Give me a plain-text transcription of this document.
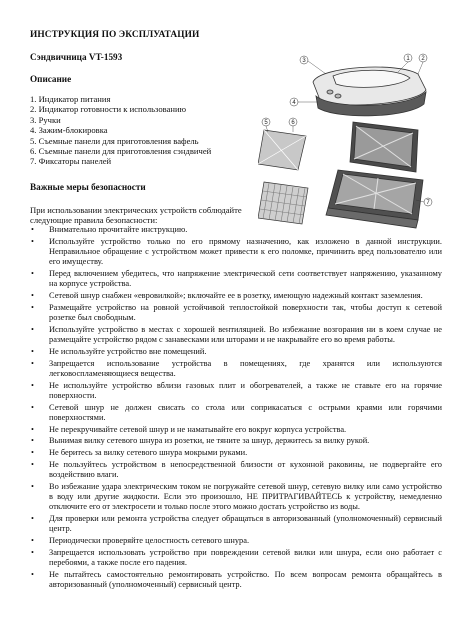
ИНСТРУКЦИЯ ПО ЭКСПЛУАТАЦИИ
Сэндвичница VT-1593
Описание
1. Индикатор питания
2. Индикатор готовности к использованию
3. Ручки
4. Зажим-блокировка
5. Съемные панели для приготовления вафель
6. Съемные панели для приготовления сэндвичей
7. Фиксаторы панелей
Важные меры безопасности
При использовании электрических устройств соблюдайте
следующие правила безопасности:
3
4
1 2
5	6
7
• Внимательно прочитайте инструкцию.
• Используйте устройство только по его прямому назначению, как изложено в данной инструкции. Неправильное обращение с устройством может привести к его поломке, причинить вред пользователю или его имуществу.
• Перед включением убедитесь, что напряжение электрической сети соответствует напряжению, указанному на корпусе устройства.
• Сетевой шнур снабжен «евровилкой»; включайте ее в розетку, имеющую надежный контакт заземления.
• Размещайте устройство на ровной устойчивой теплостойкой поверхности так, чтобы доступ к сетевой розетке был свободным.
• Используйте устройство в местах с хорошей вентиляцией. Во избежание возгорания ни в коем случае не размещайте устройство рядом с занавесками или шторами и не накрывайте его во время работы.
• Не используйте устройство вне помещений.
• Запрещается использование устройства в помещениях, где хранятся или используются легковоспламеняющиеся вещества.
• Не используйте устройство вблизи газовых плит и обогревателей, а также не ставьте его на горячие поверхности.
• Сетевой шнур не должен свисать со стола или соприкасаться с острыми краями или горячими поверхностями.
• Не перекручивайте сетевой шнур и не наматывайте его вокруг корпуса устройства.
• Вынимая вилку сетевого шнура из розетки, не тяните за шнур, держитесь за вилку рукой.
• Не беритесь за вилку сетевого шнура мокрыми руками.
• Не пользуйтесь устройством в непосредственной близости от кухонной раковины, не подвергайте его воздействию влаги.
• Во избежание удара электрическим током не погружайте сетевой шнур, сетевую вилку или само устройство в воду или другие жидкости. Если это произошло, НЕ ПРИТРАГИВАЙТЕСЬ к устройству, немедленно отключите его от электросети и только после этого можно достать устройство из воды.
• Для проверки или ремонта устройства следует обращаться в авторизованный (уполномоченный) сервисный центр.
• Периодически проверяйте целостность сетевого шнура.
• Запрещается использовать устройство при повреждении сетевой вилки или шнура, если оно работает с перебоями, а также после его падения.
• Не пытайтесь самостоятельно ремонтировать устройство. По всем вопросам ремонта обращайтесь в авторизованный (уполномоченный) сервисный центр.
